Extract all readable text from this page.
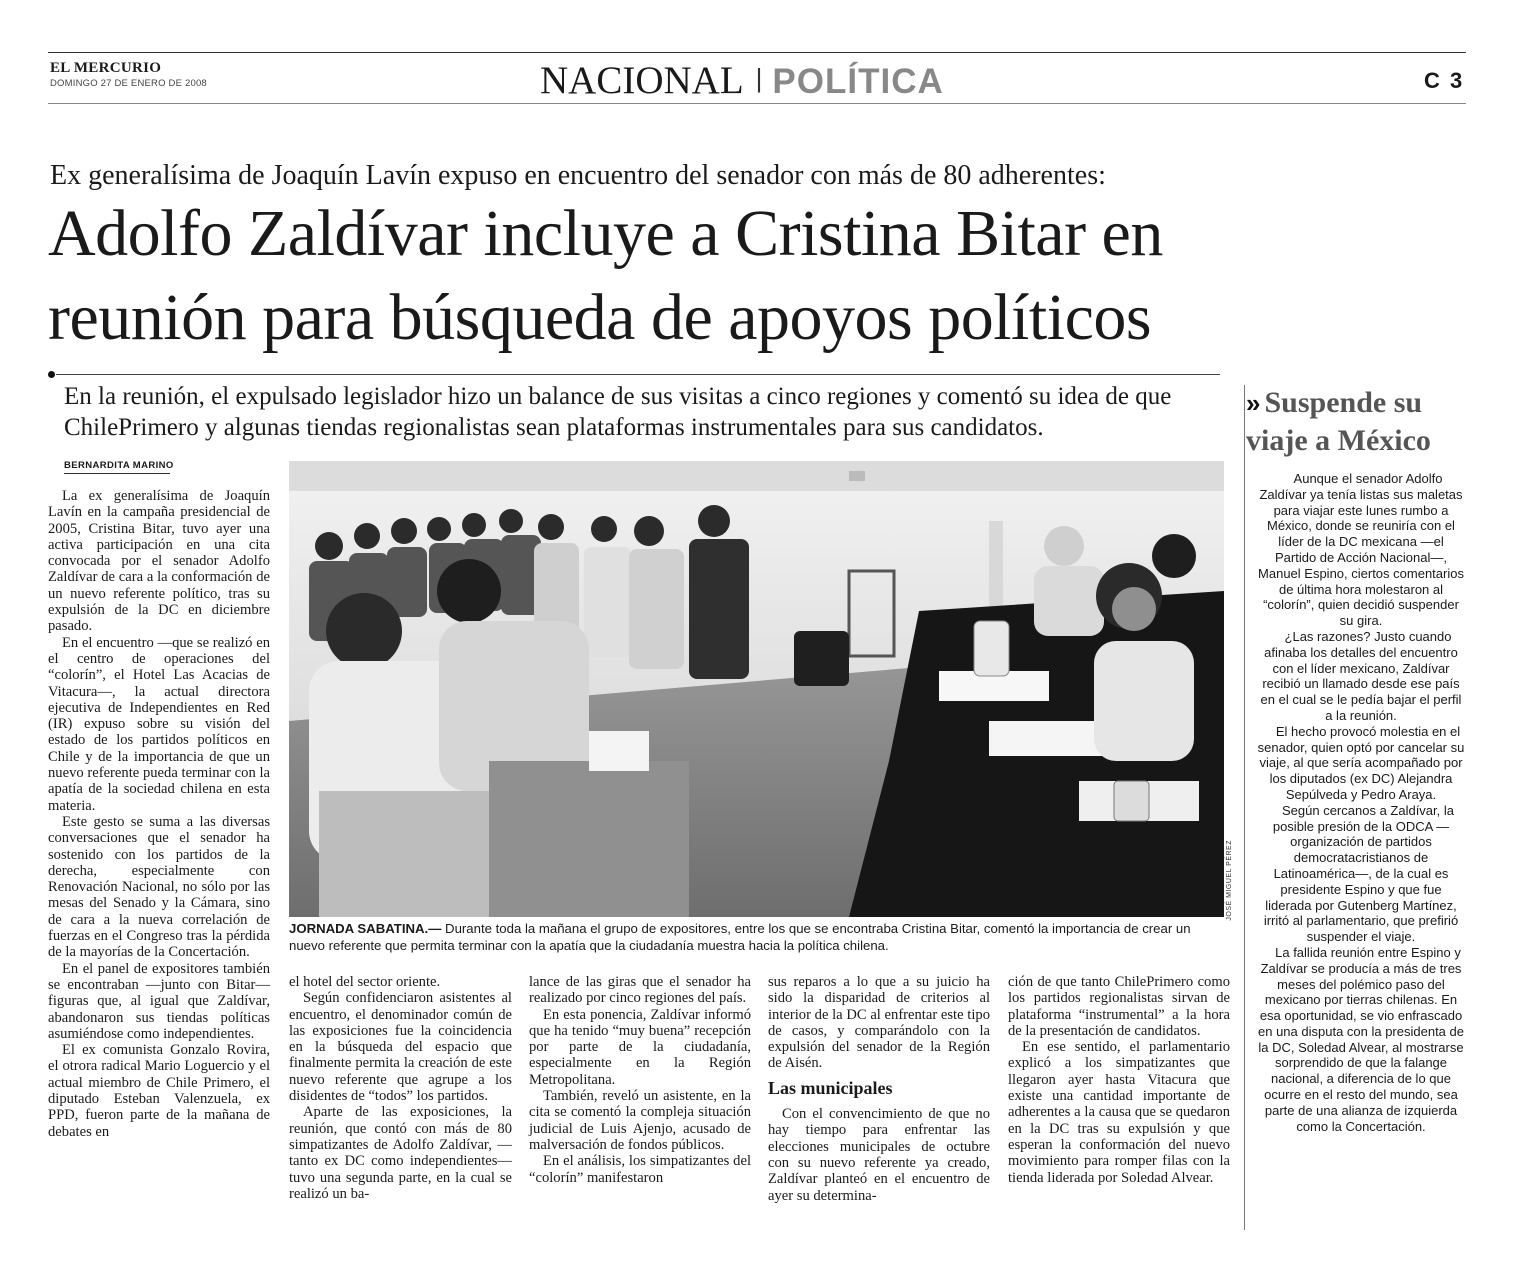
EL MERCURIO
DOMINGO 27 DE ENERO DE 2008	NACIONAL | POLÍTICA	C 3
Ex generalísima de Joaquín Lavín expuso en encuentro del senador con más de 80 adherentes:
Adolfo Zaldívar incluye a Cristina Bitar en
reunión para búsqueda de apoyos políticos
En la reunión, el expulsado legislador hizo un balance de sus visitas a cinco regiones y comentó su idea de que ChilePrimero y algunas tiendas regionalistas sean plataformas instrumentales para sus candidatos.
BERNARDITA MARINO

La ex generalísima de Joaquín Lavín en la campaña presidencial de 2005, Cristina Bitar, tuvo ayer una activa participación en una cita convocada por el senador Adolfo Zaldívar de cara a la conformación de un nuevo referente político, tras su expulsión de la DC en diciembre pasado.

En el encuentro —que se realizó en el centro de operaciones del “colorín”, el Hotel Las Acacias de Vitacura—, la actual directora ejecutiva de Independientes en Red (IR) expuso sobre su visión del estado de los partidos políticos en Chile y de la importancia de que un nuevo referente pueda terminar con la apatía de la sociedad chilena en esta materia.

Este gesto se suma a las diversas conversaciones que el senador ha sostenido con los partidos de la derecha, especialmente con Renovación Nacional, no sólo por las mesas del Senado y la Cámara, sino de cara a la nueva correlación de fuerzas en el Congreso tras la pérdida de la mayorías de la Concertación.

En el panel de expositores también se encontraban —junto con Bitar— figuras que, al igual que Zaldívar, abandonaron sus tiendas políticas asumiéndose como independientes.

El ex comunista Gonzalo Rovira, el otrora radical Mario Loguercio y el actual miembro de Chile Primero, el diputado Esteban Valenzuela, ex PPD, fueron parte de la mañana de debates en

JOSÉ MIGUEL PÉREZ
JORNADA SABATINA.— Durante toda la mañana el grupo de expositores, entre los que se encontraba Cristina Bitar, comentó la importancia de crear un nuevo referente que permita terminar con la apatía que la ciudadanía muestra hacia la política chilena.

el hotel del sector oriente.

Según confidenciaron asistentes al encuentro, el denominador común de las exposiciones fue la coincidencia en la búsqueda del espacio que finalmente permita la creación de este nuevo referente que agrupe a los disidentes de “todos” los partidos.

Aparte de las exposiciones, la reunión, que contó con más de 80 simpatizantes de Adolfo Zaldívar, —tanto ex DC como independientes— tuvo una segunda parte, en la cual se realizó un ba-

lance de las giras que el senador ha realizado por cinco regiones del país.

En esta ponencia, Zaldívar informó que ha tenido “muy buena” recepción por parte de la ciudadanía, especialmente en la Región Metropolitana.

También, reveló un asistente, en la cita se comentó la compleja situación judicial de Luis Ajenjo, acusado de malversación de fondos públicos.

En el análisis, los simpatizantes del “colorín” manifestaron

sus reparos a lo que a su juicio ha sido la disparidad de criterios al interior de la DC al enfrentar este tipo de casos, y comparándolo con la expulsión del senador de la Región de Aisén.

Las municipales

Con el convencimiento de que no hay tiempo para enfrentar las elecciones municipales de octubre con su nuevo referente ya creado, Zaldívar planteó en el encuentro de ayer su determina-

ción de que tanto ChilePrimero como los partidos regionalistas sirvan de plataforma “instrumental” a la hora de la presentación de candidatos.

En ese sentido, el parlamentario explicó a los simpatizantes que llegaron ayer hasta Vitacura que existe una cantidad importante de adherentes a la causa que se quedaron en la DC tras su expulsión y que esperan la conformación del nuevo movimiento para romper filas con la tienda liderada por Soledad Alvear.

» Suspende su viaje a México

Aunque el senador Adolfo Zaldívar ya tenía listas sus maletas para viajar este lunes rumbo a México, donde se reuniría con el líder de la DC mexicana —el Partido de Acción Nacional—, Manuel Espino, ciertos comentarios de última hora molestaron al “colorín”, quien decidió suspender su gira.

¿Las razones? Justo cuando afinaba los detalles del encuentro con el líder mexicano, Zaldívar recibió un llamado desde ese país en el cual se le pedía bajar el perfil a la reunión.

El hecho provocó molestia en el senador, quien optó por cancelar su viaje, al que sería acompañado por los diputados (ex DC) Alejandra Sepúlveda y Pedro Araya.

Según cercanos a Zaldívar, la posible presión de la ODCA —organización de partidos democratacristianos de Latinoamérica—, de la cual es presidente Espino y que fue liderada por Gutenberg Martínez, irritó al parlamentario, que prefirió suspender el viaje.

La fallida reunión entre Espino y Zaldívar se producía a más de tres meses del polémico paso del mexicano por tierras chilenas. En esa oportunidad, se vio enfrascado en una disputa con la presidenta de la DC, Soledad Alvear, al mostrarse sorprendido de que la falange nacional, a diferencia de lo que ocurre en el resto del mundo, sea parte de una alianza de izquierda como la Concertación.
